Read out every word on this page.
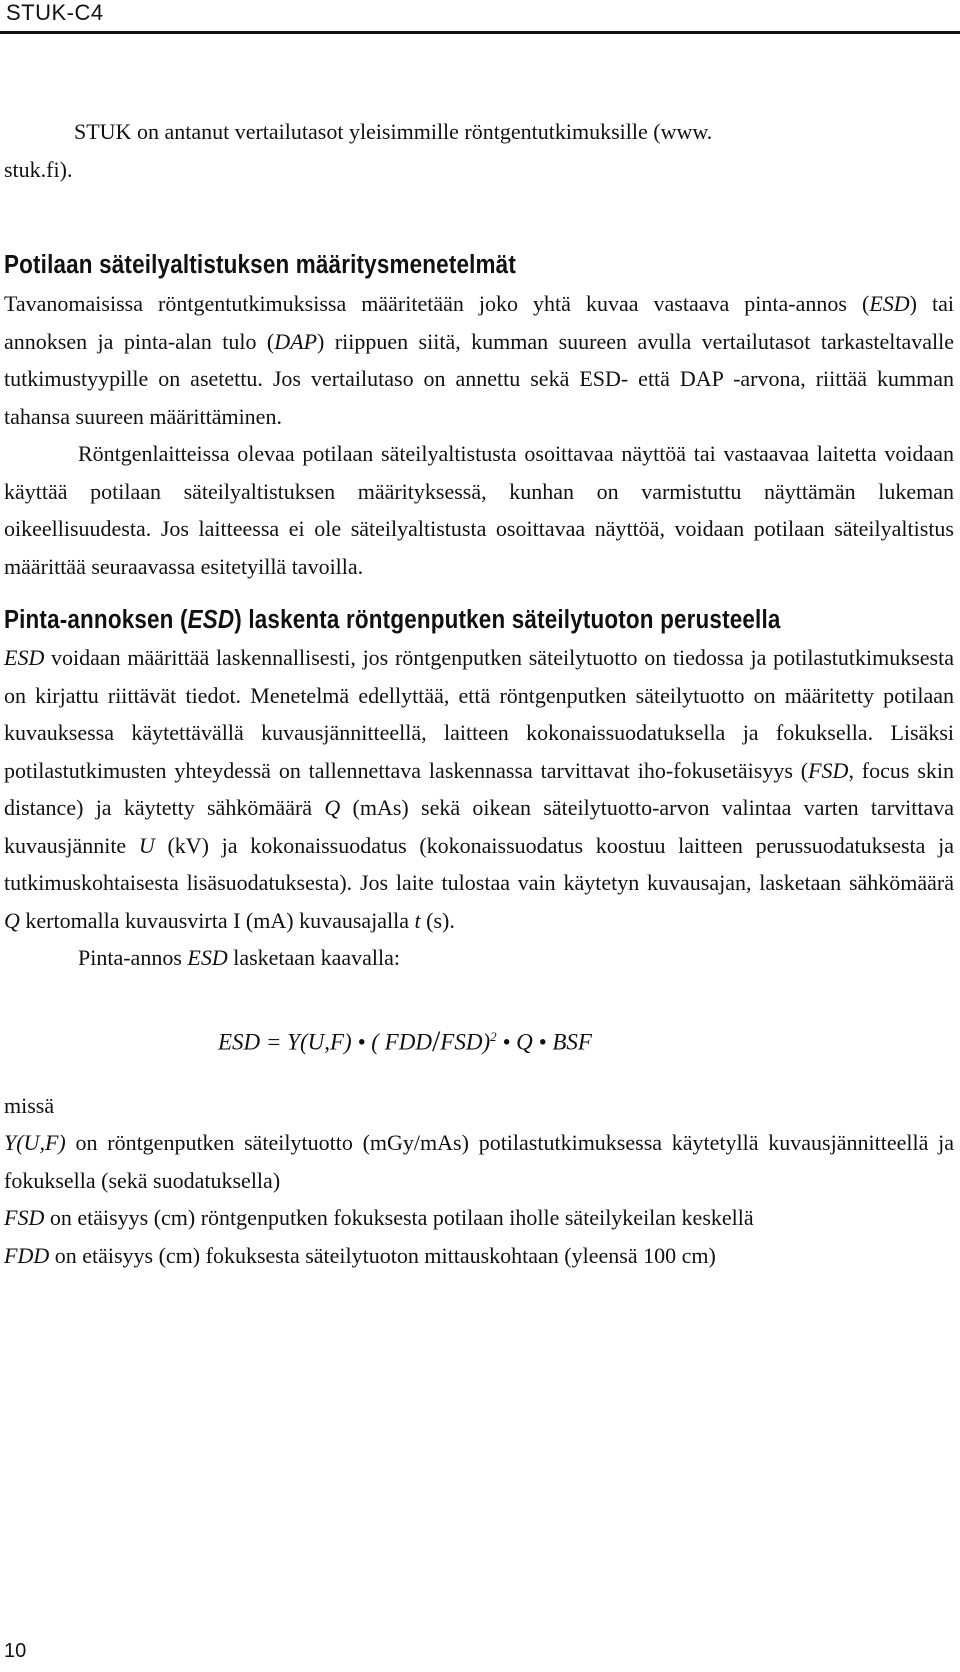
STUK-C4

STUK on antanut vertailutasot yleisimmille röntgentutkimuksille (www.
stuk.fi).

Potilaan säteilyaltistuksen määritysmenetelmät

Tavanomaisissa röntgentutkimuksissa määritetään joko yhtä kuvaa vastaava pinta-annos (ESD) tai annoksen ja pinta-alan tulo (DAP) riippuen siitä, kumman suureen avulla vertailutasot tarkasteltavalle tutkimustyypille on asetettu. Jos vertailutaso on annettu sekä ESD- että DAP -arvona, riittää kumman tahansa suureen määrittäminen.

Röntgenlaitteissa olevaa potilaan säteilyaltistusta osoittavaa näyttöä tai vastaavaa laitetta voidaan käyttää potilaan säteilyaltistuksen määrityksessä, kunhan on varmistuttu näyttämän lukeman oikeellisuudesta. Jos laitteessa ei ole säteilyaltistusta osoittavaa näyttöä, voidaan potilaan säteilyaltistus määrittää seuraavassa esitetyillä tavoilla.

Pinta-annoksen (ESD) laskenta röntgenputken säteilytuoton perusteella

ESD voidaan määrittää laskennallisesti, jos röntgenputken säteilytuotto on tiedossa ja potilastutkimuksesta on kirjattu riittävät tiedot. Menetelmä edellyttää, että röntgenputken säteilytuotto on määritetty potilaan kuvauksessa käytettävällä kuvausjännitteellä, laitteen kokonaissuodatuksella ja fokuksella. Lisäksi potilastutkimusten yhteydessä on tallennettava laskennassa tarvittavat iho-fokusetäisyys (FSD, focus skin distance) ja käytetty sähkömäärä Q (mAs) sekä oikean säteilytuotto-arvon valintaa varten tarvittava kuvausjännite U (kV) ja kokonaissuodatus (kokonaissuodatus koostuu laitteen perussuodatuksesta ja tutkimuskohtaisesta lisäsuodatuksesta). Jos laite tulostaa vain käytetyn kuvausajan, lasketaan sähkömäärä Q kertomalla kuvausvirta I (mA) kuvausajalla t (s).

Pinta-annos ESD lasketaan kaavalla:

ESD = Y(U,F) • ( FDD/FSD)$^2$ • Q • BSF

missä

Y(U,F) on röntgenputken säteilytuotto (mGy/mAs) potilastutkimuksessa käytetyllä kuvausjännitteellä ja fokuksella (sekä suodatuksella)

FSD on etäisyys (cm) röntgenputken fokuksesta potilaan iholle säteilykeilan keskellä

FDD on etäisyys (cm) fokuksesta säteilytuoton mittauskohtaan (yleensä 100 cm)

10
